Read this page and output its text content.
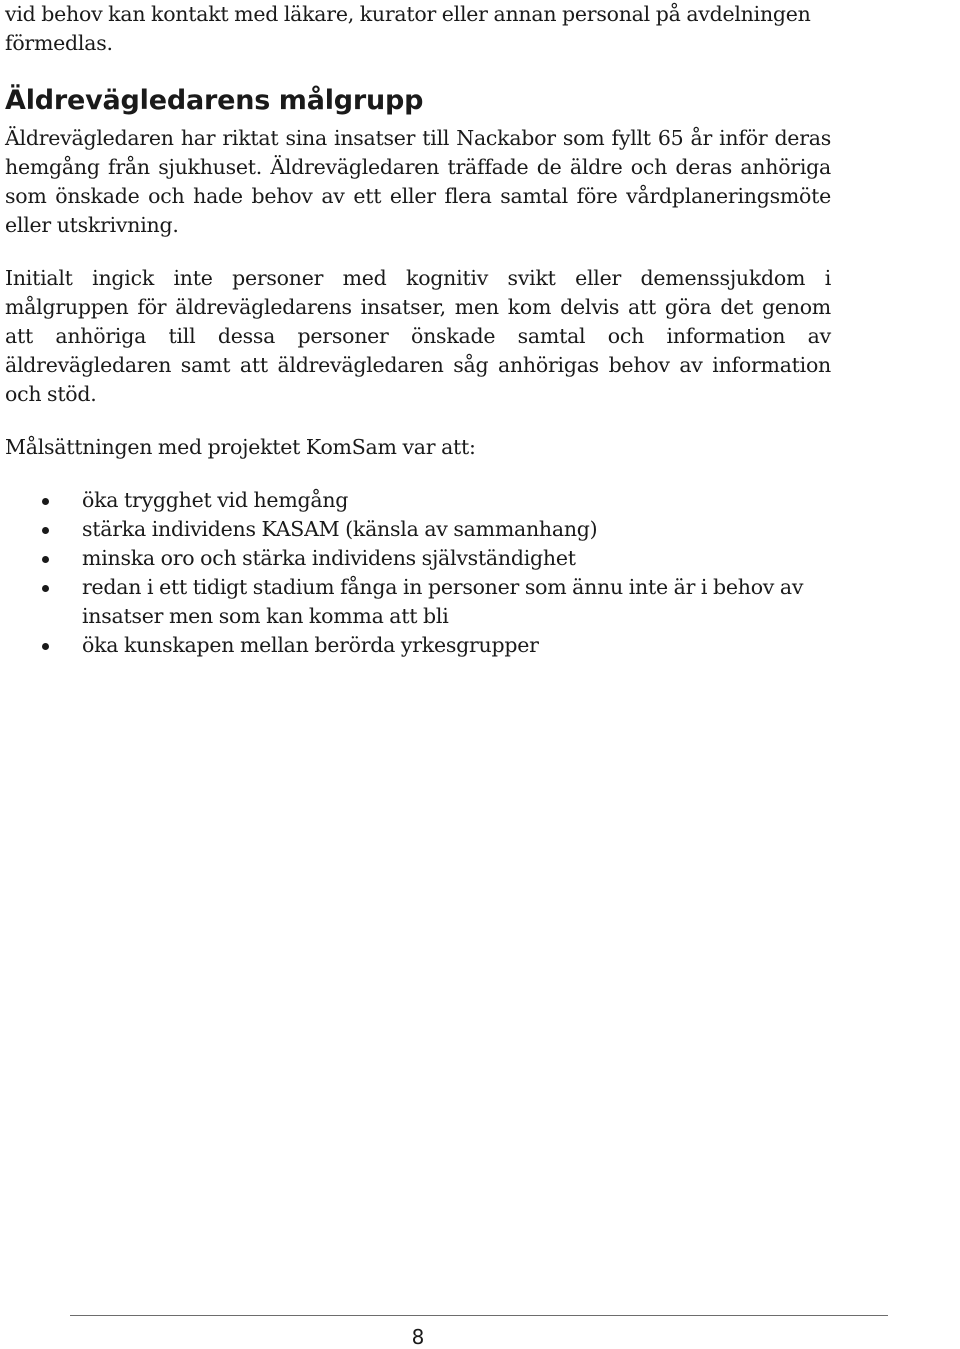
vid behov kan kontakt med läkare, kurator eller annan personal på avdelningen förmedlas.

Äldrevägledarens målgrupp

Äldrevägledaren har riktat sina insatser till Nackabor som fyllt 65 år inför deras hemgång från sjukhuset. Äldrevägledaren träffade de äldre och deras anhöriga som önskade och hade behov av ett eller flera samtal före vårdplaneringsmöte eller utskrivning.

Initialt ingick inte personer med kognitiv svikt eller demenssjukdom i målgruppen för äldrevägledarens insatser, men kom delvis att göra det genom att anhöriga till dessa personer önskade samtal och information av äldrevägledaren samt att äldrevägledaren såg anhörigas behov av information och stöd.

Målsättningen med projektet KomSam var att:

öka trygghet vid hemgång
stärka individens KASAM (känsla av sammanhang)
minska oro och stärka individens självständighet
redan i ett tidigt stadium fånga in personer som ännu inte är i behov av insatser men som kan komma att bli
öka kunskapen mellan berörda yrkesgrupper
8
